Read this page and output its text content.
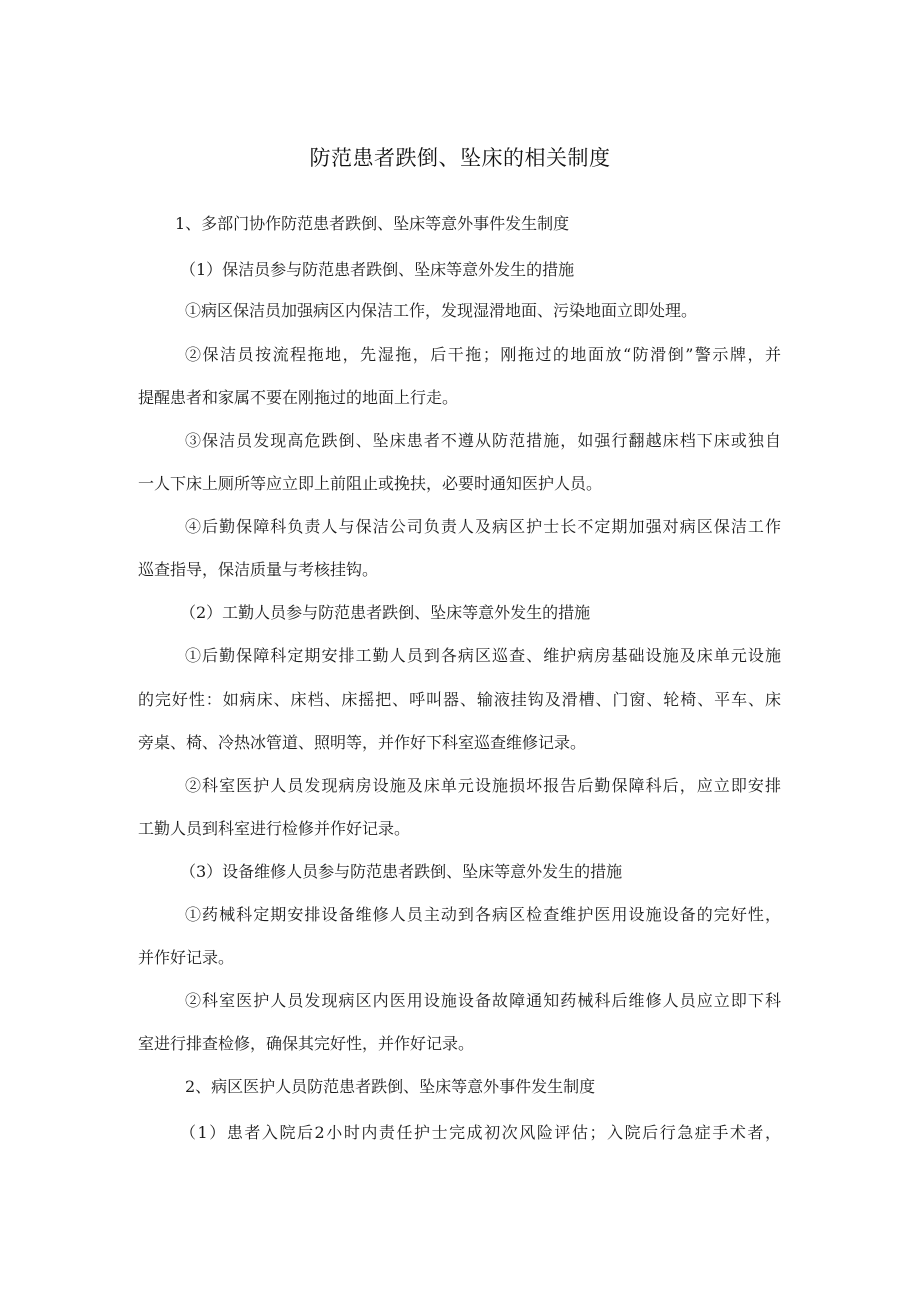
防范患者跌倒、坠床的相关制度

1、多部门协作防范患者跌倒、坠床等意外事件发生制度

（1）保洁员参与防范患者跌倒、坠床等意外发生的措施

①病区保洁员加强病区内保洁工作，发现湿滑地面、污染地面立即处理。

②保洁员按流程拖地，先湿拖，后干拖；刚拖过的地面放“防滑倒”警示牌，并

提醒患者和家属不要在刚拖过的地面上行走。

③保洁员发现高危跌倒、坠床患者不遵从防范措施，如强行翻越床档下床或独自

一人下床上厕所等应立即上前阻止或挽扶，必要时通知医护人员。

④后勤保障科负责人与保洁公司负责人及病区护士长不定期加强对病区保洁工作

巡查指导，保洁质量与考核挂钩。

（2）工勤人员参与防范患者跌倒、坠床等意外发生的措施

①后勤保障科定期安排工勤人员到各病区巡查、维护病房基础设施及床单元设施

的完好性：如病床、床档、床摇把、呼叫器、输液挂钩及滑槽、门窗、轮椅、平车、床

旁桌、椅、冷热冰管道、照明等，并作好下科室巡查维修记录。

②科室医护人员发现病房设施及床单元设施损坏报告后勤保障科后，应立即安排

工勤人员到科室进行检修并作好记录。

（3）设备维修人员参与防范患者跌倒、坠床等意外发生的措施

①药械科定期安排设备维修人员主动到各病区检查维护医用设施设备的完好性，

并作好记录。

②科室医护人员发现病区内医用设施设备故障通知药械科后维修人员应立即下科

室进行排查检修，确保其完好性，并作好记录。

2、病区医护人员防范患者跌倒、坠床等意外事件发生制度

（1）患者入院后2小时内责任护士完成初次风险评估；入院后行急症手术者，
